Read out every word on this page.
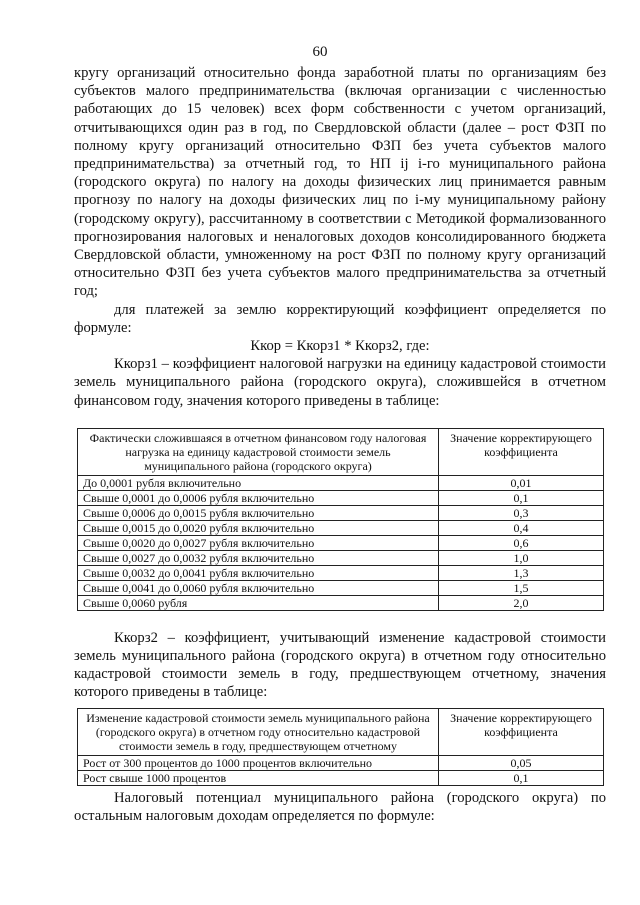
60

кругу организаций относительно фонда заработной платы по организациям без субъектов малого предпринимательства (включая организации с численностью работающих до 15 человек) всех форм собственности с учетом организаций, отчитывающихся один раз в год, по Свердловской области (далее – рост ФЗП по полному кругу организаций относительно ФЗП без учета субъектов малого предпринимательства) за отчетный год, то НП ij i-го муниципального района (городского округа) по налогу на доходы физических лиц принимается равным прогнозу по налогу на доходы физических лиц по i-му муниципальному району (городскому округу), рассчитанному в соответствии с Методикой формализованного прогнозирования налоговых и неналоговых доходов консолидированного бюджета Свердловской области, умноженному на рост ФЗП по полному кругу организаций относительно ФЗП без учета субъектов малого предпринимательства за отчетный год;

для платежей за землю корректирующий коэффициент определяется по формуле:

Ккор = Ккорз1 * Ккорз2, где:

Ккорз1 – коэффициент налоговой нагрузки на единицу кадастровой стоимости земель муниципального района (городского округа), сложившейся в отчетном финансовом году, значения которого приведены в таблице:

Фактически сложившаяся в отчетном финансовом году налоговая нагрузка на единицу кадастровой стоимости земель муниципального района (городского округа)	Значение корректирующего коэффициента
До 0,0001 рубля включительно	0,01
Свыше 0,0001 до 0,0006 рубля включительно	0,1
Свыше 0,0006 до 0,0015 рубля включительно	0,3
Свыше 0,0015 до 0,0020 рубля включительно	0,4
Свыше 0,0020 до 0,0027 рубля включительно	0,6
Свыше 0,0027 до 0,0032 рубля включительно	1,0
Свыше 0,0032 до 0,0041 рубля включительно	1,3
Свыше 0,0041 до 0,0060 рубля включительно	1,5
Свыше 0,0060 рубля	2,0

Ккорз2 – коэффициент, учитывающий изменение кадастровой стоимости земель муниципального района (городского округа) в отчетном году относительно кадастровой стоимости земель в году, предшествующем отчетному, значения которого приведены в таблице:

Изменение кадастровой стоимости земель муниципального района (городского округа) в отчетном году относительно кадастровой стоимости земель в году, предшествующем отчетному	Значение корректирующего коэффициента
Рост от 300 процентов до 1000 процентов включительно	0,05
Рост свыше 1000 процентов	0,1

Налоговый потенциал муниципального района (городского округа) по остальным налоговым доходам определяется по формуле:
